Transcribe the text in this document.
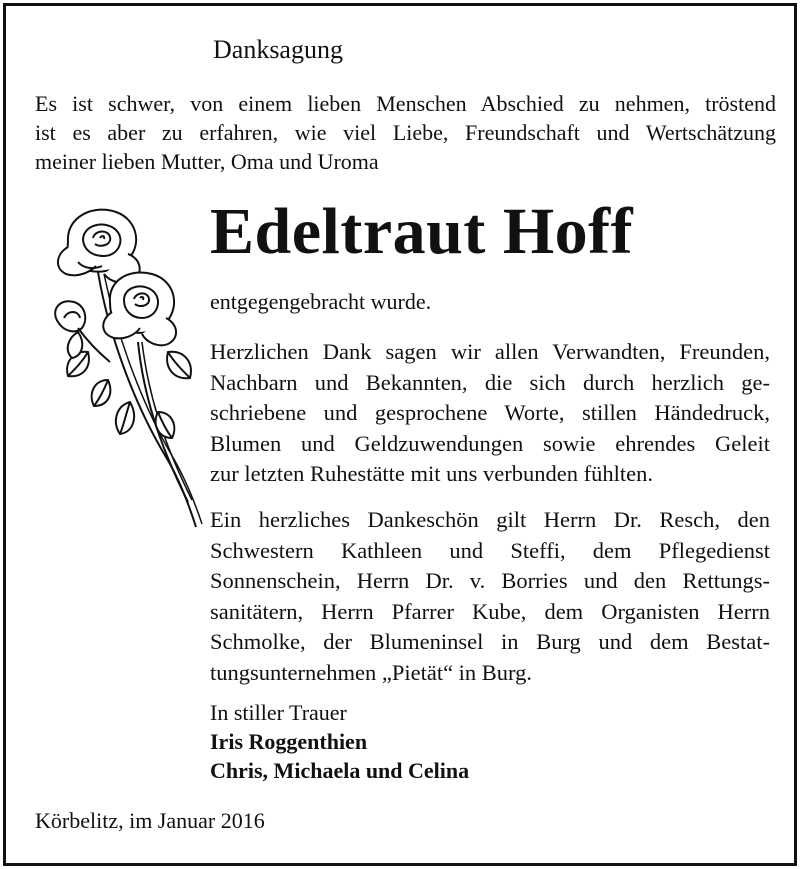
Danksagung
Es ist schwer, von einem lieben Menschen Abschied zu nehmen, tröstend
ist es aber zu erfahren, wie viel Liebe, Freundschaft und Wertschätzung
meiner lieben Mutter, Oma und Uroma
Edeltraut Hoff
entgegengebracht wurde.
Herzlichen Dank sagen wir allen Verwandten, Freunden,
Nachbarn und Bekannten, die sich durch herzlich ge-
schriebene und gesprochene Worte, stillen Händedruck,
Blumen und Geldzuwendungen sowie ehrendes Geleit
zur letzten Ruhestätte mit uns verbunden fühlten.
Ein herzliches Dankeschön gilt Herrn Dr. Resch, den
Schwestern Kathleen und Steffi, dem Pflegedienst
Sonnenschein, Herrn Dr. v. Borries und den Rettungs-
sanitätern, Herrn Pfarrer Kube, dem Organisten Herrn
Schmolke, der Blumeninsel in Burg und dem Bestat-
tungsunternehmen „Pietät“ in Burg.
In stiller Trauer
Iris Roggenthien
Chris, Michaela und Celina
Körbelitz, im Januar 2016
